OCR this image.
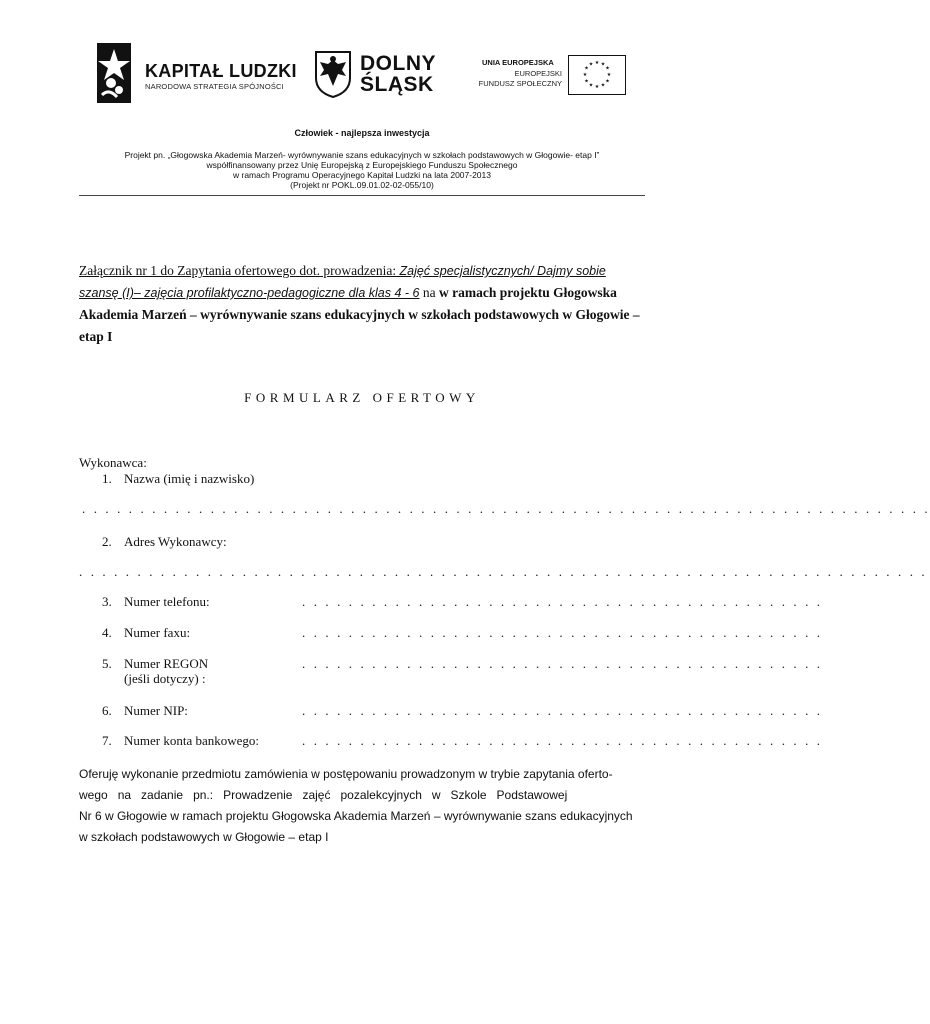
KAPITAŁ LUDZKI
NARODOWA STRATEGIA SPÓJNOŚCI
DOLNY
ŚLĄSK
UNIA EUROPEJSKA
EUROPEJSKI
FUNDUSZ SPOŁECZNY
★ ★
★
★
★
★
★
★
★
★
★
★
Człowiek - najlepsza inwestycja
Projekt pn. „Głogowska Akademia Marzeń- wyrównywanie szans edukacyjnych w szkołach podstawowych w Głogowie- etap I”
współfinansowany przez Unię Europejską z Europejskiego Funduszu Społecznego
w ramach Programu Operacyjnego Kapitał Ludzki na lata 2007-2013
(Projekt nr POKL.09.01.02-02-055/10)
Załącznik nr 1 do Zapytania ofertowego dot. prowadzenia: Zajęć specjalistycznych/ Dajmy sobie szansę (I)– zajęcia profilaktyczno-pedagogiczne dla klas 4 - 6 na w ramach projektu Głogowska Akademia Marzeń – wyrównywanie szans edukacyjnych w szkołach podstawowych w Głogowie – etap I
FORMULARZ OFERTOWY
Wykonawca:
1. Nazwa (imię i nazwisko)
. . . . . . . . . . . . . . . . . . . . . . . . . . . . . . . . . . . . . . . . . . . . . . . . . . . . . . . . . . . . . . . . . . . . . . . . .
2. Adres Wykonawcy:
. . . . . . . . . . . . . . . . . . . . . . . . . . . . . . . . . . . . . . . . . . . . . . . . . . . . . . . . . . . . . . . . . . . . . . . . .
3. Numer telefonu:	. . . . . . . . . . . . . . . . . . . . . . . . . . . . . . . . . . . . . . . . . . . . .
4. Numer faxu:	. . . . . . . . . . . . . . . . . . . . . . . . . . . . . . . . . . . . . . . . . . . . .
5. Numer REGON
(jeśli dotyczy) :
. . . . . . . . . . . . . . . . . . . . . . . . . . . . . . . . . . . . . . . . . . . . .
6. Numer NIP:	. . . . . . . . . . . . . . . . . . . . . . . . . . . . . . . . . . . . . . . . . . . . .
7. Numer konta bankowego:	. . . . . . . . . . . . . . . . . . . . . . . . . . . . . . . . . . . . . . . . . . . . .
Oferuję wykonanie przedmiotu zamówienia w postępowaniu prowadzonym w trybie zapytania oferto-
wego   na   zadanie   pn.:   Prowadzenie   zajęć   pozalekcyjnych   w   Szkole   Podstawowej
Nr 6 w Głogowie w ramach projektu Głogowska Akademia Marzeń – wyrównywanie szans edukacyjnych
w szkołach podstawowych w Głogowie – etap I
